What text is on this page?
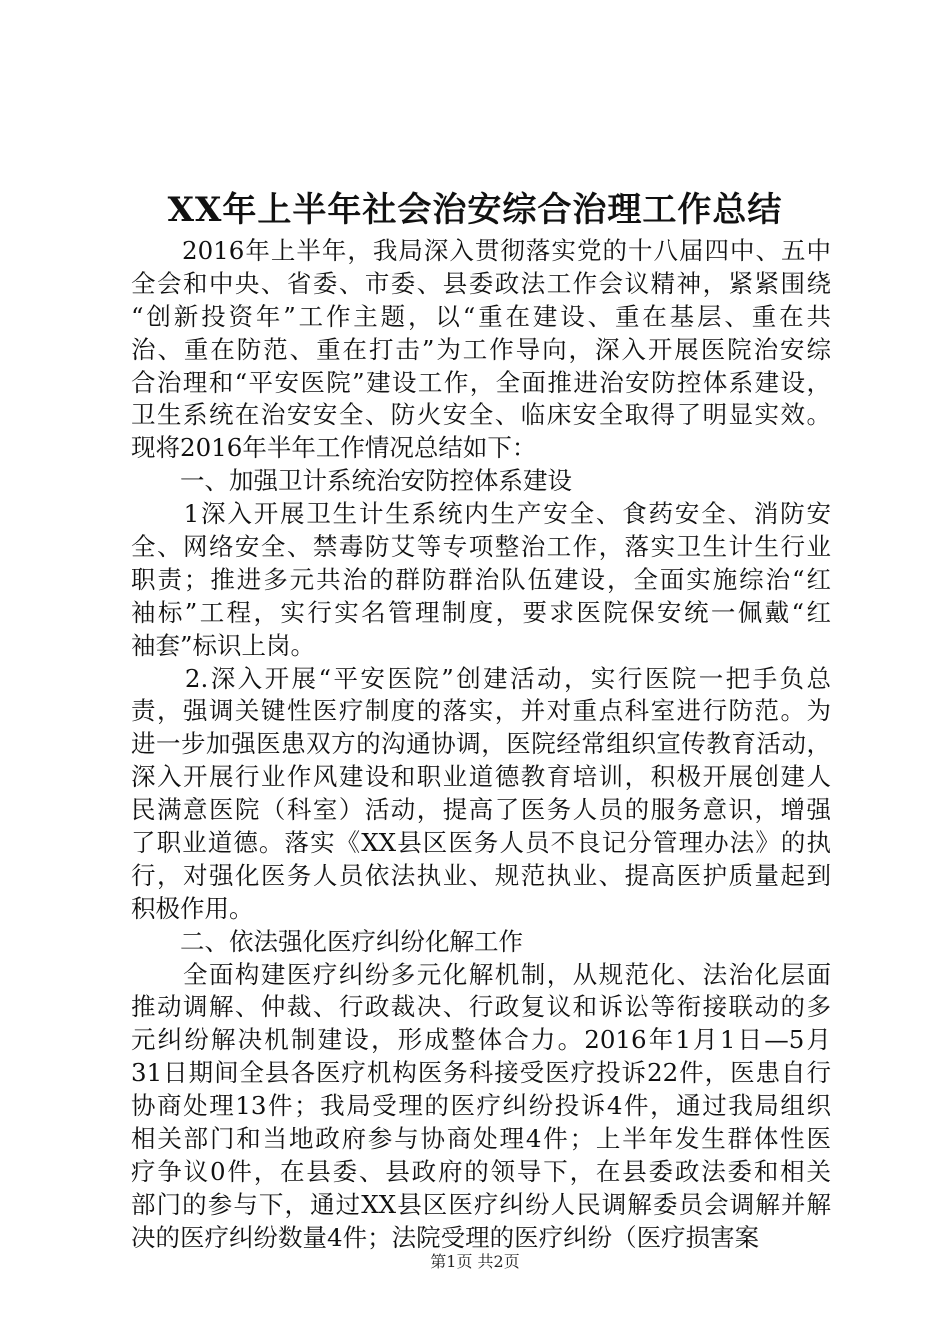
XX年上半年社会治安综合治理工作总结
　　2016年上半年，我局深入贯彻落实党的十八届四中、五中
全会和中央、省委、市委、县委政法工作会议精神，紧紧围绕
“创新投资年”工作主题，以“重在建设、重在基层、重在共
治、重在防范、重在打击”为工作导向，深入开展医院治安综
合治理和“平安医院”建设工作，全面推进治安防控体系建设，
卫生系统在治安安全、防火安全、临床安全取得了明显实效。
现将2016年半年工作情况总结如下：
　　一、加强卫计系统治安防控体系建设
　　1深入开展卫生计生系统内生产安全、食药安全、消防安
全、网络安全、禁毒防艾等专项整治工作，落实卫生计生行业
职责；推进多元共治的群防群治队伍建设，全面实施综治“红
袖标”工程，实行实名管理制度，要求医院保安统一佩戴“红
袖套”标识上岗。
　　2.深入开展“平安医院”创建活动，实行医院一把手负总
责，强调关键性医疗制度的落实，并对重点科室进行防范。为
进一步加强医患双方的沟通协调，医院经常组织宣传教育活动，
深入开展行业作风建设和职业道德教育培训，积极开展创建人
民满意医院（科室）活动，提高了医务人员的服务意识，增强
了职业道德。落实《XX县区医务人员不良记分管理办法》的执
行，对强化医务人员依法执业、规范执业、提高医护质量起到
积极作用。
　　二、依法强化医疗纠纷化解工作
　　全面构建医疗纠纷多元化解机制，从规范化、法治化层面
推动调解、仲裁、行政裁决、行政复议和诉讼等衔接联动的多
元纠纷解决机制建设，形成整体合力。2016年1月1日—5月
31日期间全县各医疗机构医务科接受医疗投诉22件，医患自行
协商处理13件；我局受理的医疗纠纷投诉4件，通过我局组织
相关部门和当地政府参与协商处理4件；上半年发生群体性医
疗争议0件，在县委、县政府的领导下，在县委政法委和相关
部门的参与下，通过XX县区医疗纠纷人民调解委员会调解并解
决的医疗纠纷数量4件；法院受理的医疗纠纷（医疗损害案
第1页 共2页
